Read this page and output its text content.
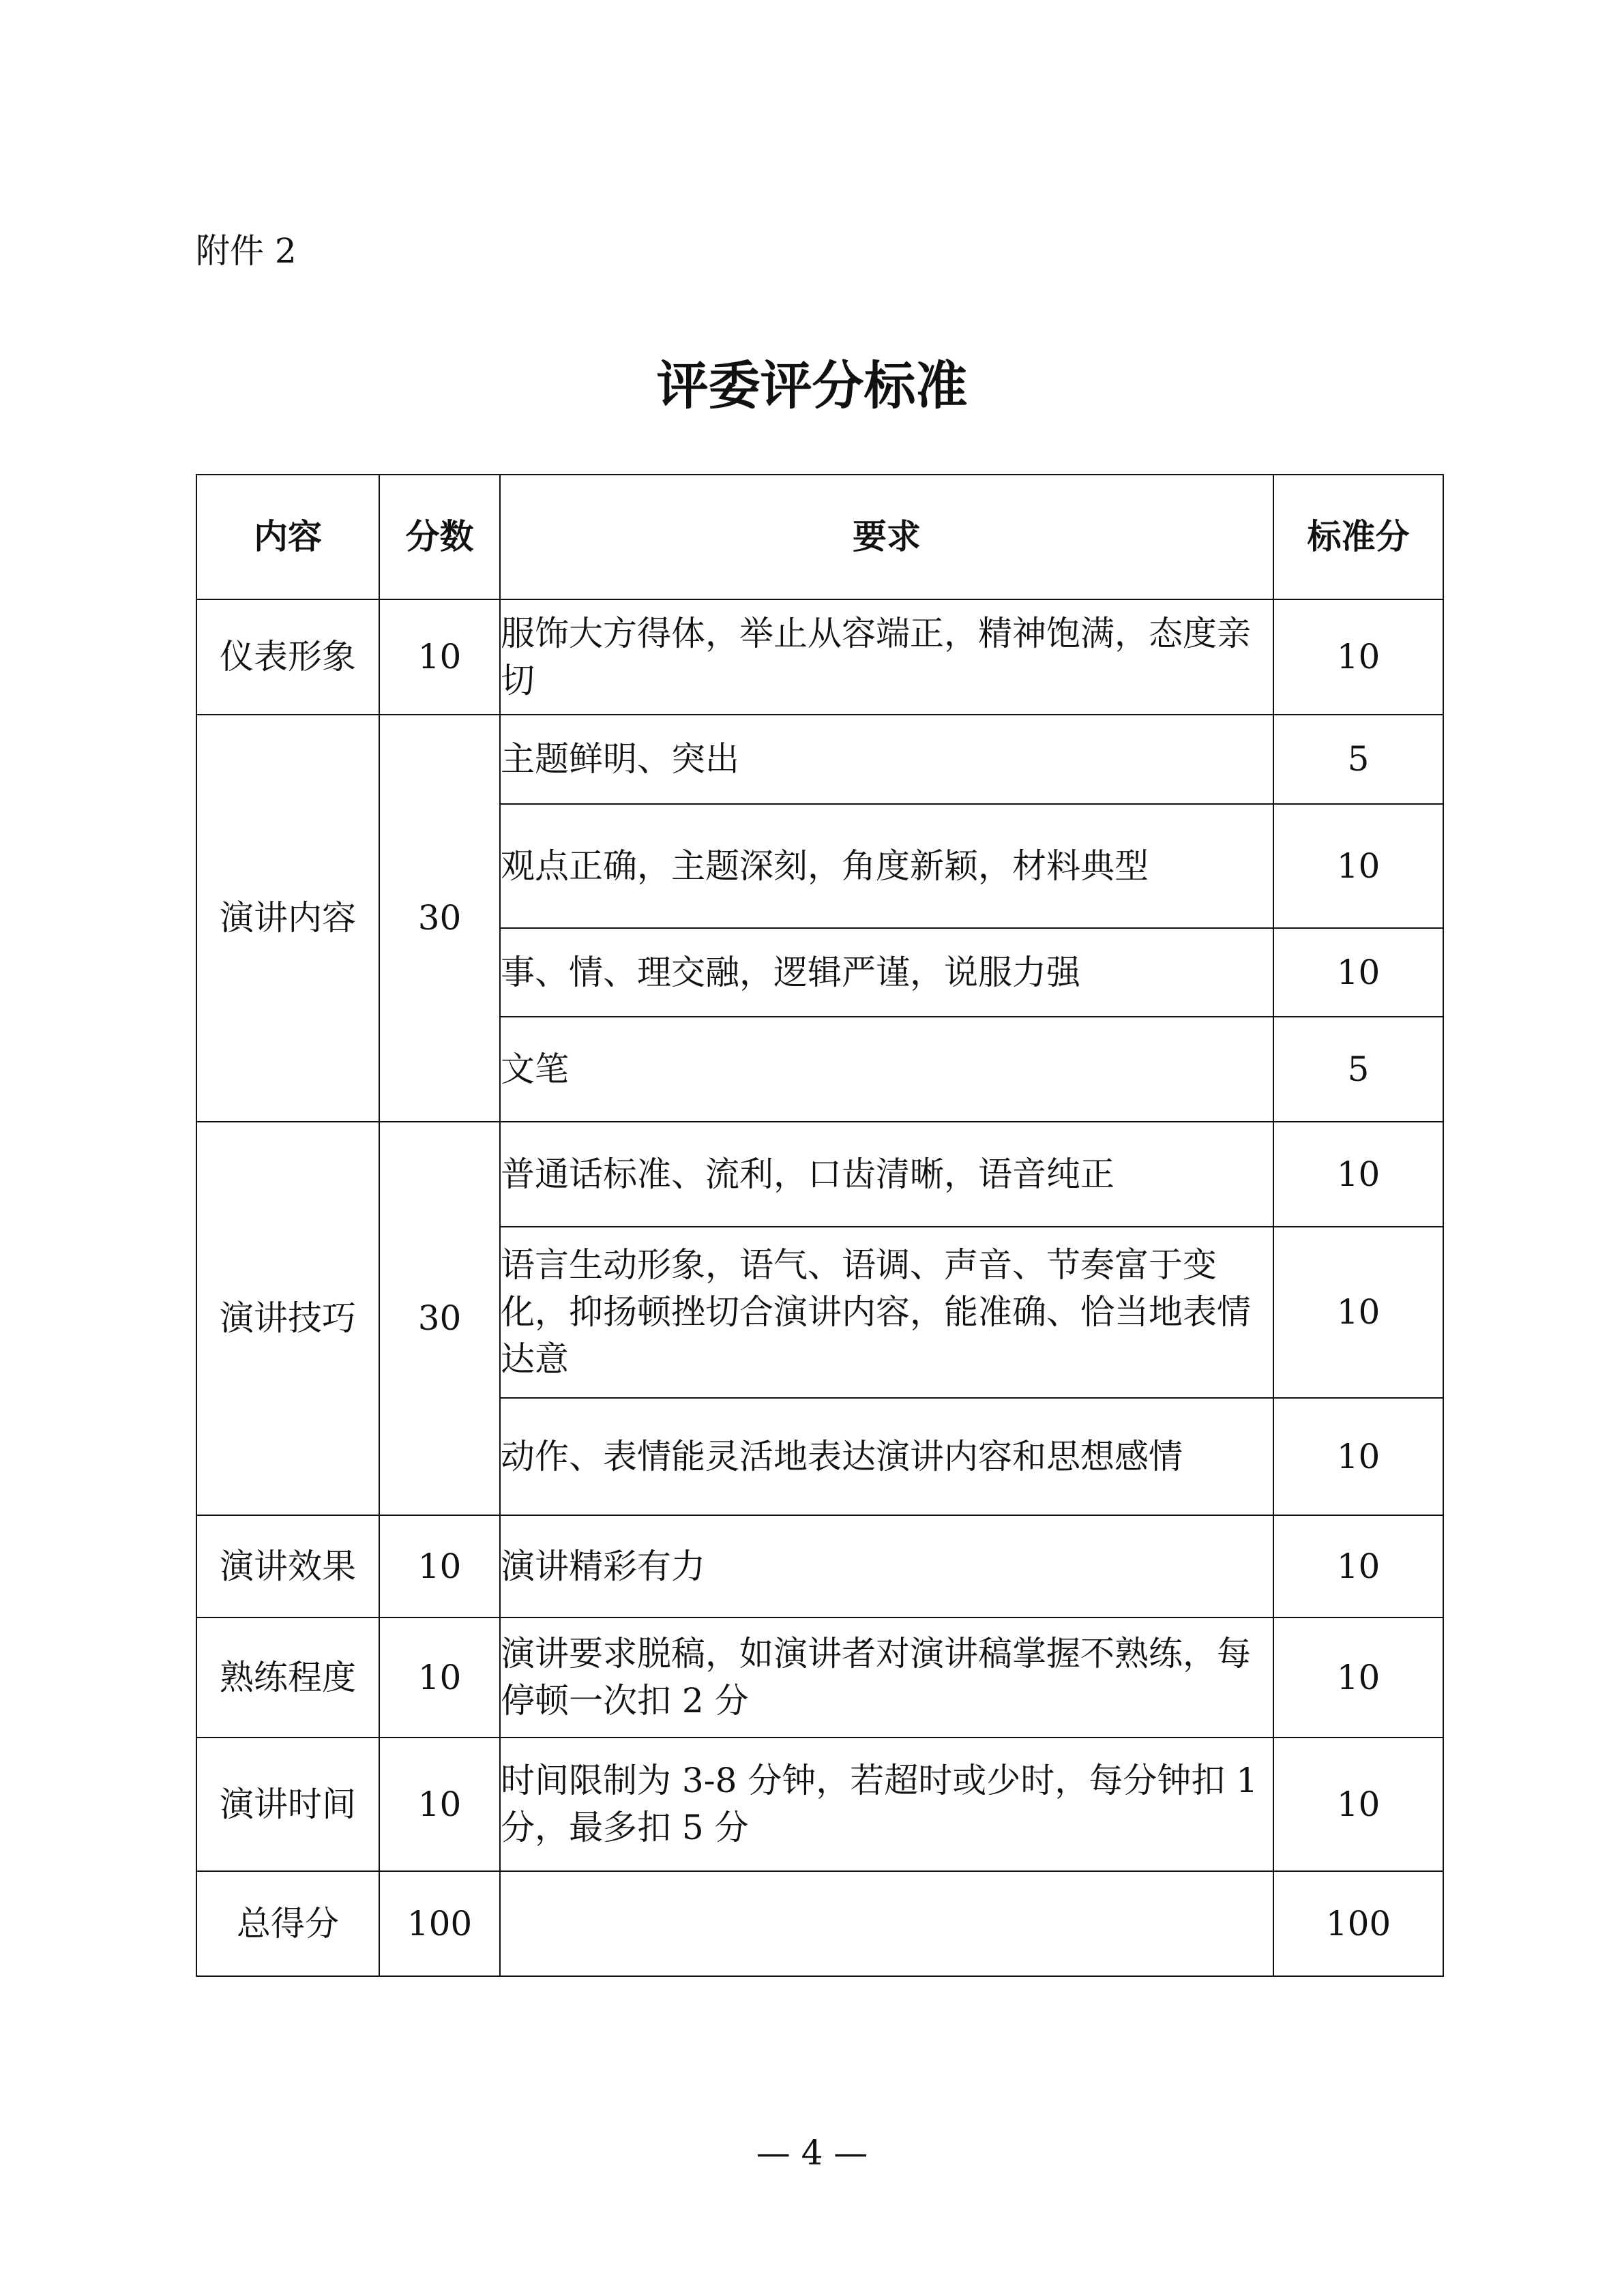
附件 2
评委评分标准
内容	分数	要求	标准分
仪表形象	10	服饰大方得体，举止从容端正，精神饱满，态度亲切	10
演讲内容	30	主题鲜明、突出	5
		观点正确，主题深刻，角度新颖，材料典型	10
		事、情、理交融，逻辑严谨，说服力强	10
		文笔	5
演讲技巧	30	普通话标准、流利，口齿清晰，语音纯正	10
		语言生动形象，语气、语调、声音、节奏富于变化，抑扬顿挫切合演讲内容，能准确、恰当地表情达意	10
		动作、表情能灵活地表达演讲内容和思想感情	10
演讲效果	10	演讲精彩有力	10
熟练程度	10	演讲要求脱稿，如演讲者对演讲稿掌握不熟练，每停顿一次扣 2 分	10
演讲时间	10	时间限制为 3-8 分钟，若超时或少时，每分钟扣 1 分，最多扣 5 分	10
总得分	100		100
— 4 —
